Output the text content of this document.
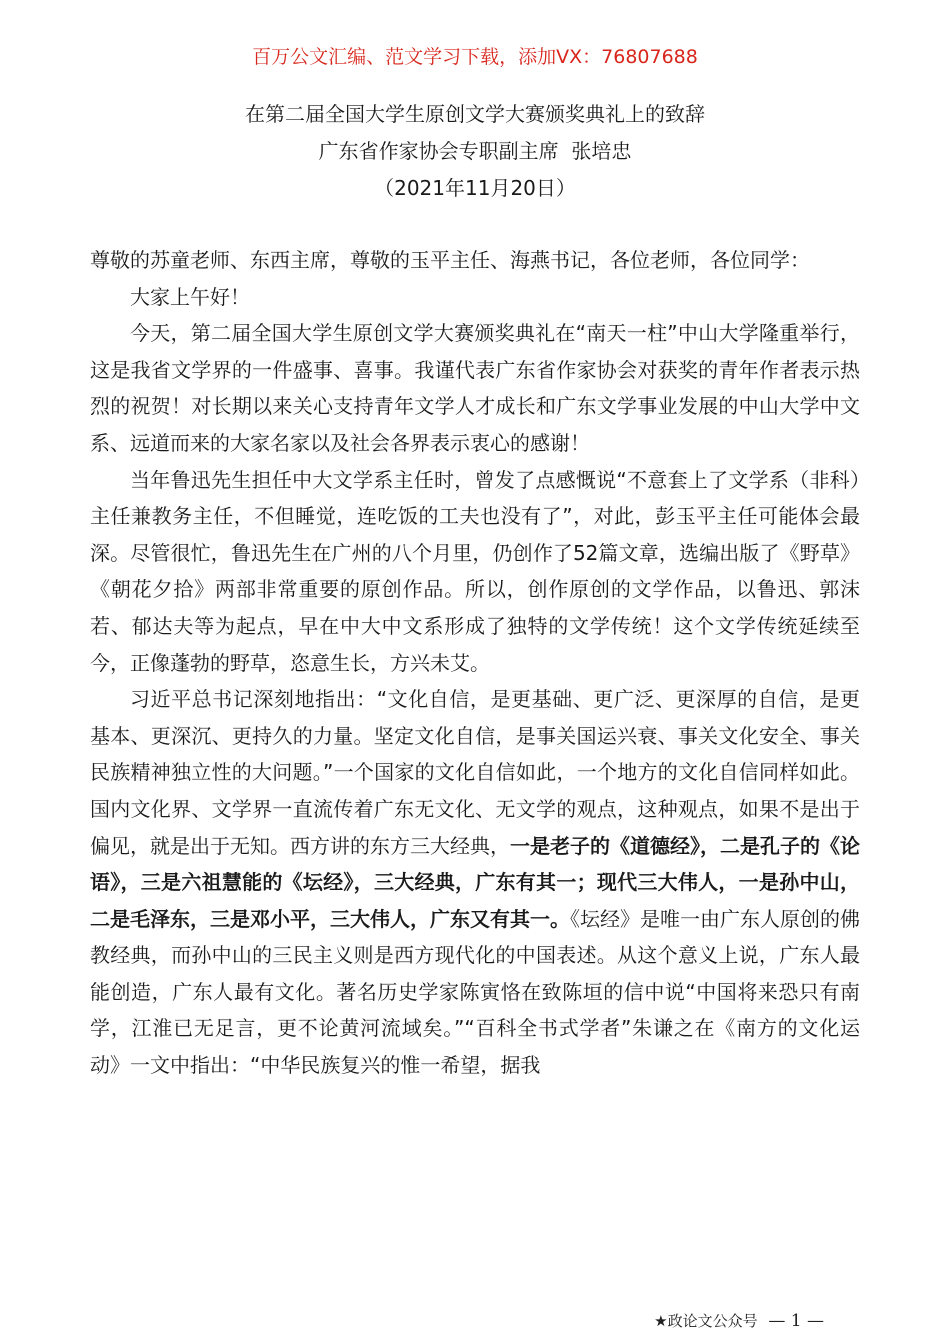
百万公文汇编、范文学习下载，添加VX：76807688
在第二届全国大学生原创文学大赛颁奖典礼上的致辞
广东省作家协会专职副主席  张培忠
（2021年11月20日）

尊敬的苏童老师、东西主席，尊敬的玉平主任、海燕书记，各位老师，各位同学：

大家上午好！

今天，第二届全国大学生原创文学大赛颁奖典礼在“南天一柱”中山大学隆重举行，这是我省文学界的一件盛事、喜事。我谨代表广东省作家协会对获奖的青年作者表示热烈的祝贺！对长期以来关心支持青年文学人才成长和广东文学事业发展的中山大学中文系、远道而来的大家名家以及社会各界表示衷心的感谢！

当年鲁迅先生担任中大文学系主任时，曾发了点感慨说“不意套上了文学系（非科）主任兼教务主任，不但睡觉，连吃饭的工夫也没有了”，对此，彭玉平主任可能体会最深。尽管很忙，鲁迅先生在广州的八个月里，仍创作了52篇文章，选编出版了《野草》《朝花夕拾》两部非常重要的原创作品。所以，创作原创的文学作品，以鲁迅、郭沫若、郁达夫等为起点，早在中大中文系形成了独特的文学传统！这个文学传统延续至今，正像蓬勃的野草，恣意生长，方兴未艾。

习近平总书记深刻地指出：“文化自信，是更基础、更广泛、更深厚的自信，是更基本、更深沉、更持久的力量。坚定文化自信，是事关国运兴衰、事关文化安全、事关民族精神独立性的大问题。”一个国家的文化自信如此，一个地方的文化自信同样如此。国内文化界、文学界一直流传着广东无文化、无文学的观点，这种观点，如果不是出于偏见，就是出于无知。西方讲的东方三大经典，一是老子的《道德经》，二是孔子的《论语》，三是六祖慧能的《坛经》，三大经典，广东有其一；现代三大伟人，一是孙中山，二是毛泽东，三是邓小平，三大伟人，广东又有其一。《坛经》是唯一由广东人原创的佛教经典，而孙中山的三民主义则是西方现代化的中国表述。从这个意义上说，广东人最能创造，广东人最有文化。著名历史学家陈寅恪在致陈垣的信中说“中国将来恐只有南学，江淮已无足言，更不论黄河流域矣。”“百科全书式学者”朱谦之在《南方的文化运动》一文中指出：“中华民族复兴的惟一希望，据我

★政论文公众号 — 1 —
